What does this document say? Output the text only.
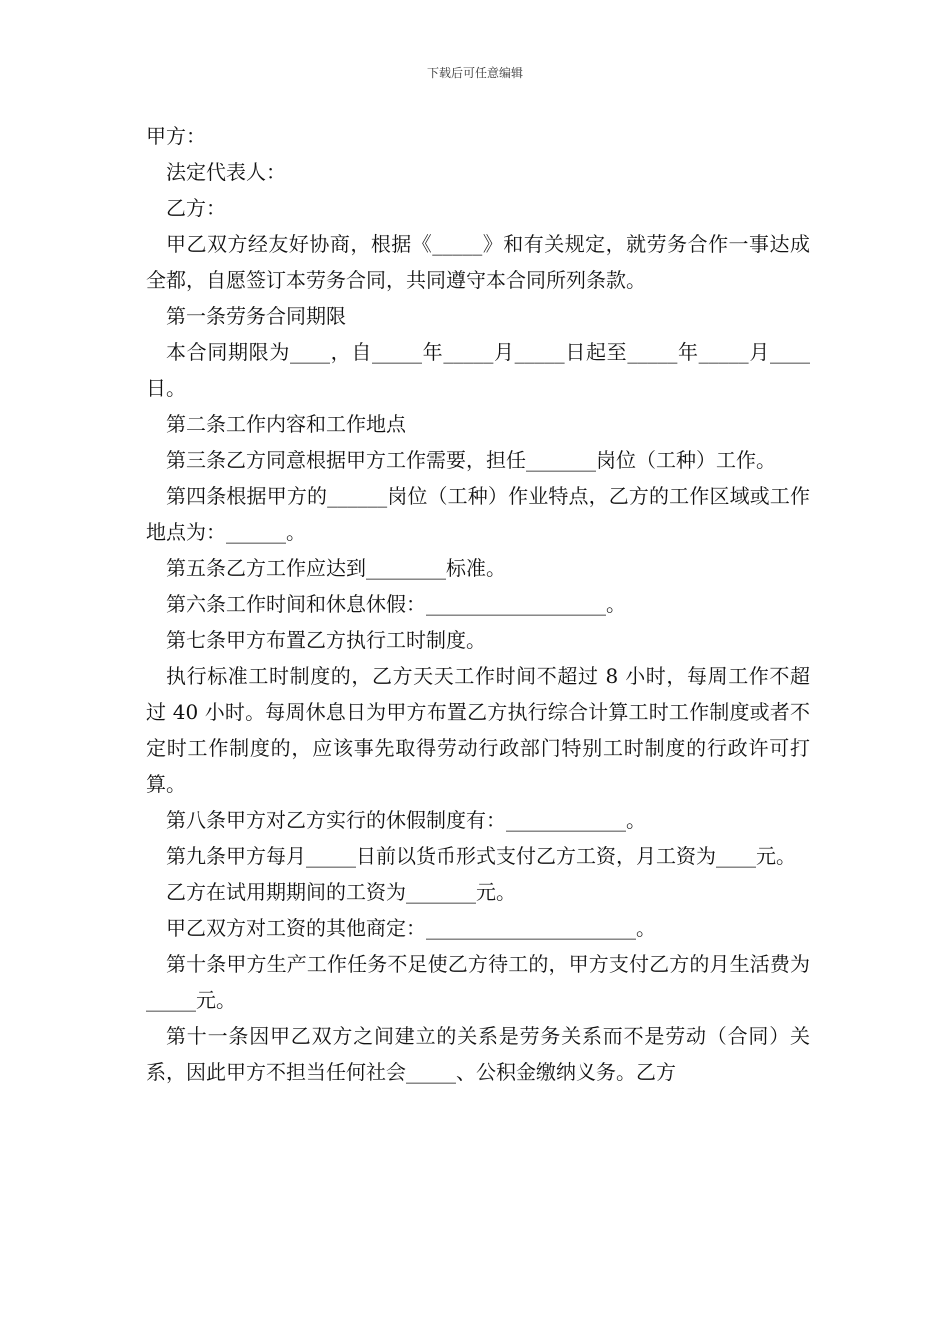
下载后可任意编辑

甲方：

法定代表人：

乙方：

甲乙双方经友好协商，根据《_____》和有关规定，就劳务合作一事达成全都，自愿签订本劳务合同，共同遵守本合同所列条款。

第一条劳务合同期限

本合同期限为____，自_____年_____月_____日起至_____年_____月____日。

第二条工作内容和工作地点

第三条乙方同意根据甲方工作需要，担任_______岗位（工种）工作。

第四条根据甲方的______岗位（工种）作业特点，乙方的工作区域或工作地点为：______。

第五条乙方工作应达到________标准。

第六条工作时间和休息休假：__________________。

第七条甲方布置乙方执行工时制度。

执行标准工时制度的，乙方天天工作时间不超过 8 小时，每周工作不超过 40 小时。每周休息日为甲方布置乙方执行综合计算工时工作制度或者不定时工作制度的，应该事先取得劳动行政部门特别工时制度的行政许可打算。

第八条甲方对乙方实行的休假制度有：____________。

第九条甲方每月_____日前以货币形式支付乙方工资，月工资为____元。

乙方在试用期期间的工资为_______元。

甲乙双方对工资的其他商定：_____________________。

第十条甲方生产工作任务不足使乙方待工的，甲方支付乙方的月生活费为_____元。

第十一条因甲乙双方之间建立的关系是劳务关系而不是劳动（合同）关系，因此甲方不担当任何社会_____、公积金缴纳义务。乙方
